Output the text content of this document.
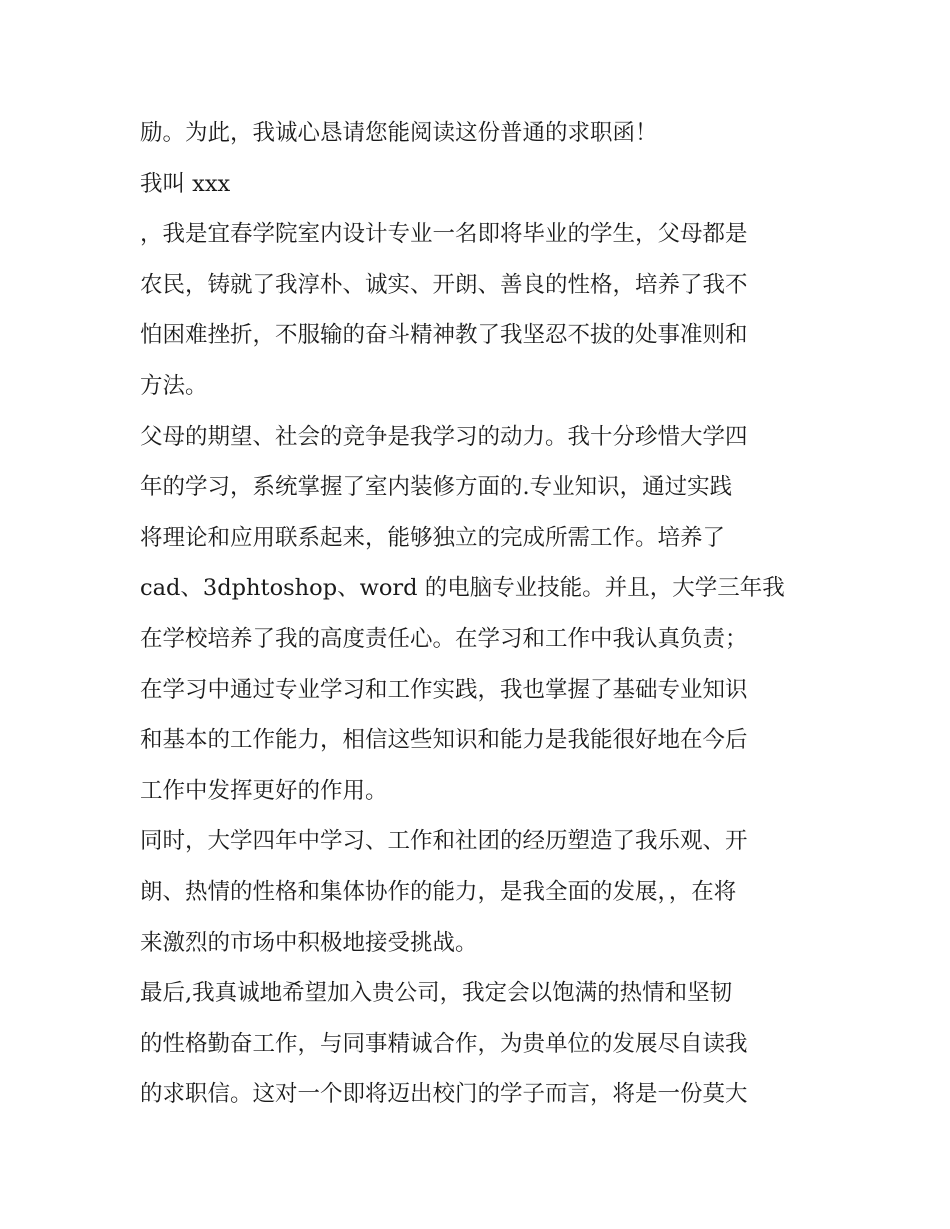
励。为此，我诚心恳请您能阅读这份普通的求职函！
我叫 xxx
，我是宜春学院室内设计专业一名即将毕业的学生，父母都是
农民，铸就了我淳朴、诚实、开朗、善良的性格，培养了我不
怕困难挫折，不服输的奋斗精神教了我坚忍不拔的处事准则和
方法。
父母的期望、社会的竞争是我学习的动力。我十分珍惜大学四
年的学习，系统掌握了室内装修方面的.专业知识，通过实践
将理论和应用联系起来，能够独立的完成所需工作。培养了
cad、3dphtoshop、word 的电脑专业技能。并且，大学三年我
在学校培养了我的高度责任心。在学习和工作中我认真负责；
在学习中通过专业学习和工作实践，我也掌握了基础专业知识
和基本的工作能力，相信这些知识和能力是我能很好地在今后
工作中发挥更好的作用。
同时，大学四年中学习、工作和社团的经历塑造了我乐观、开
朗、热情的性格和集体协作的能力，是我全面的发展，，在将
来激烈的市场中积极地接受挑战。
最后,我真诚地希望加入贵公司，我定会以饱满的热情和坚韧
的性格勤奋工作，与同事精诚合作，为贵单位的发展尽自读我
的求职信。这对一个即将迈出校门的学子而言，将是一份莫大
